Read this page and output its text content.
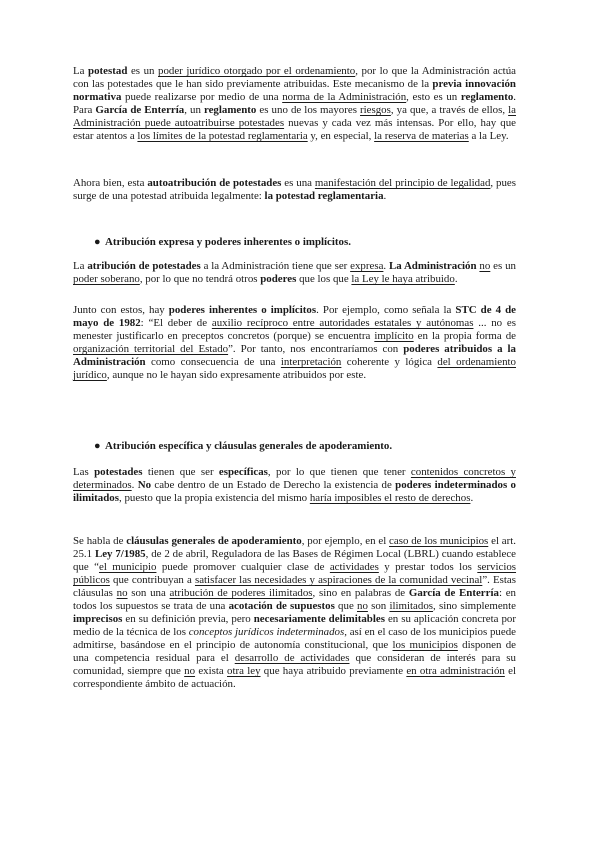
La potestad es un poder jurídico otorgado por el ordenamiento, por lo que la Administración actúa con las potestades que le han sido previamente atribuidas. Este mecanismo de la previa innovación normativa puede realizarse por medio de una norma de la Administración, esto es un reglamento. Para García de Enterría, un reglamento es uno de los mayores riesgos, ya que, a través de ellos, la Administración puede autoatribuirse potestades nuevas y cada vez más intensas. Por ello, hay que estar atentos a los límites de la potestad reglamentaria y, en especial, la reserva de materias a la Ley.

Ahora bien, esta autoatribución de potestades es una manifestación del principio de legalidad, pues surge de una potestad atribuida legalmente: la potestad reglamentaria.

● Atribución expresa y poderes inherentes o implícitos.

La atribución de potestades a la Administración tiene que ser expresa. La Administración no es un poder soberano, por lo que no tendrá otros poderes que los que la Ley le haya atribuido.

Junto con estos, hay poderes inherentes o implícitos. Por ejemplo, como señala la STC de 4 de mayo de 1982: “El deber de auxilio recíproco entre autoridades estatales y autónomas ... no es menester justificarlo en preceptos concretos (porque) se encuentra implícito en la propia forma de organización territorial del Estado”. Por tanto, nos encontraríamos con poderes atribuidos a la Administración como consecuencia de una interpretación coherente y lógica del ordenamiento jurídico, aunque no le hayan sido expresamente atribuidos por este.

● Atribución específica y cláusulas generales de apoderamiento.

Las potestades tienen que ser específicas, por lo que tienen que tener contenidos concretos y determinados. No cabe dentro de un Estado de Derecho la existencia de poderes indeterminados o ilimitados, puesto que la propia existencia del mismo haría imposibles el resto de derechos.

Se habla de cláusulas generales de apoderamiento, por ejemplo, en el caso de los municipios el art. 25.1 Ley 7/1985, de 2 de abril, Reguladora de las Bases de Régimen Local (LBRL) cuando establece que “el municipio puede promover cualquier clase de actividades y prestar todos los servicios públicos que contribuyan a satisfacer las necesidades y aspiraciones de la comunidad vecinal”. Estas cláusulas no son una atribución de poderes ilimitados, sino en palabras de García de Enterría: en todos los supuestos se trata de una acotación de supuestos que no son ilimitados, sino simplemente imprecisos en su definición previa, pero necesariamente delimitables en su aplicación concreta por medio de la técnica de los conceptos jurídicos indeterminados, así en el caso de los municipios puede admitirse, basándose en el principio de autonomía constitucional, que los municipios disponen de una competencia residual para el desarrollo de actividades que consideran de interés para su comunidad, siempre que no exista otra ley que haya atribuido previamente en otra administración el correspondiente ámbito de actuación.
